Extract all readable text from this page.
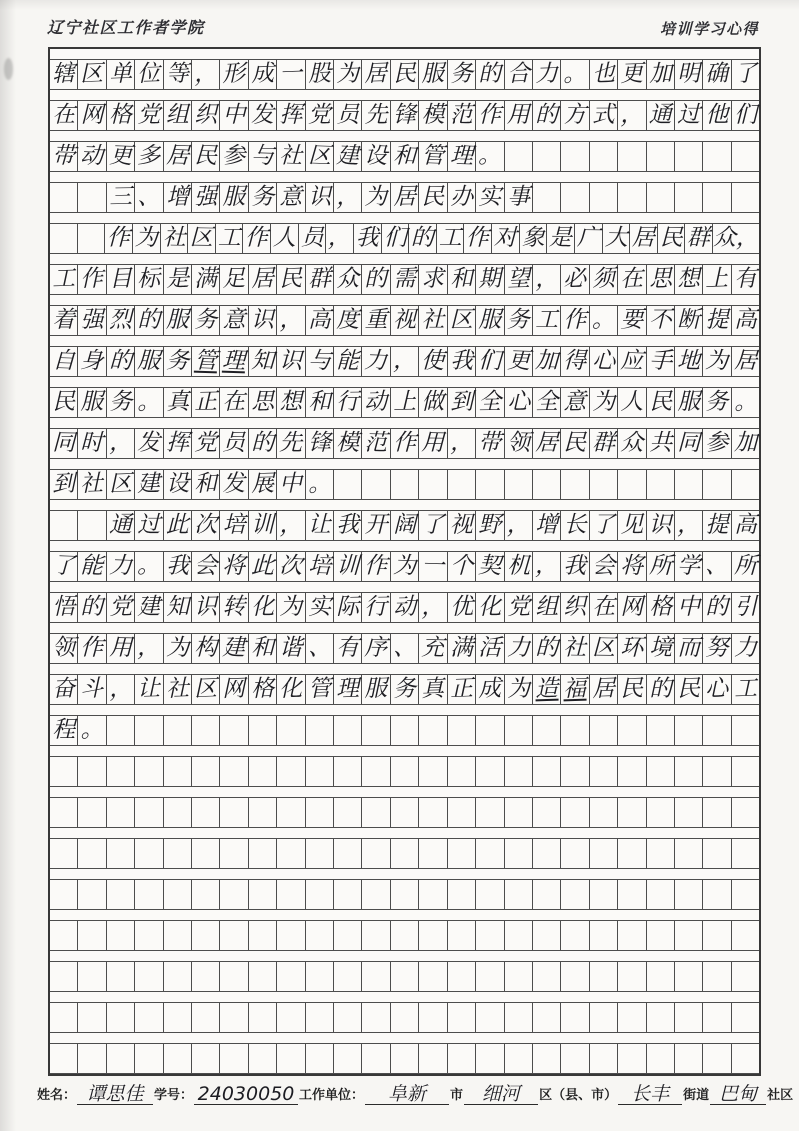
辽宁社区工作者学院	培训学习心得
辖 区 单 位 等 ， 形 成 一 股 为 居 民 服 务 的 合 力 。 也 更 加 明 确 了
在 网 格 党 组 织 中 发 挥 党 员 先 锋 模 范 作 用 的 方 式 ， 通 过 他 们
带 动 更 多 居 民 参 与 社 区 建 设 和 管 理 。
三 、 增 强 服 务 意 识 ， 为 居 民 办 实 事
作 为 社 区 工 作 人 员 ， 我 们 的 工 作 对 象 是 广 大 居 民 群 众，
工 作 目 标 是 满 足 居 民 群 众 的 需 求 和 期 望 ， 必 须 在 思 想 上 有
着 强 烈 的 服 务 意 识 ， 高 度 重 视 社 区 服 务 工 作 。 要 不 断 提 高
自 身 的 服 务 管 理 知 识 与 能 力 ， 使 我 们 更 加 得 心 应 手 地 为 居
民 服 务 。 真 正 在 思 想 和 行 动 上 做 到 全 心 全 意 为 人 民 服 务 。
同 时 ， 发 挥 党 员 的 先 锋 模 范 作 用 ， 带 领 居 民 群 众 共 同 参 加
到 社 区 建 设 和 发 展 中 。
通 过 此 次 培 训 ， 让 我 开 阔 了 视 野 ， 增 长 了 见 识 ， 提 高
了 能 力 。 我 会 将 此 次 培 训 作 为 一 个 契 机 ， 我 会 将 所 学 、 所
悟 的 党 建 知 识 转 化 为 实 际 行 动 ， 优 化 党 组 织 在 网 格 中 的 引
领 作 用 ， 为 构 建 和 谐 、 有 序 、 充 满 活 力 的 社 区 环 境 而 努 力
奋 斗 ， 让 社 区 网 格 化 管 理 服 务 真 正 成 为 造 福 居 民 的 民 心 工
程 。
姓名： 谭思佳 学号： 24030050 工作单位：	阜新	市 细河	区（县、市） 长丰	街道 巴甸 社区
